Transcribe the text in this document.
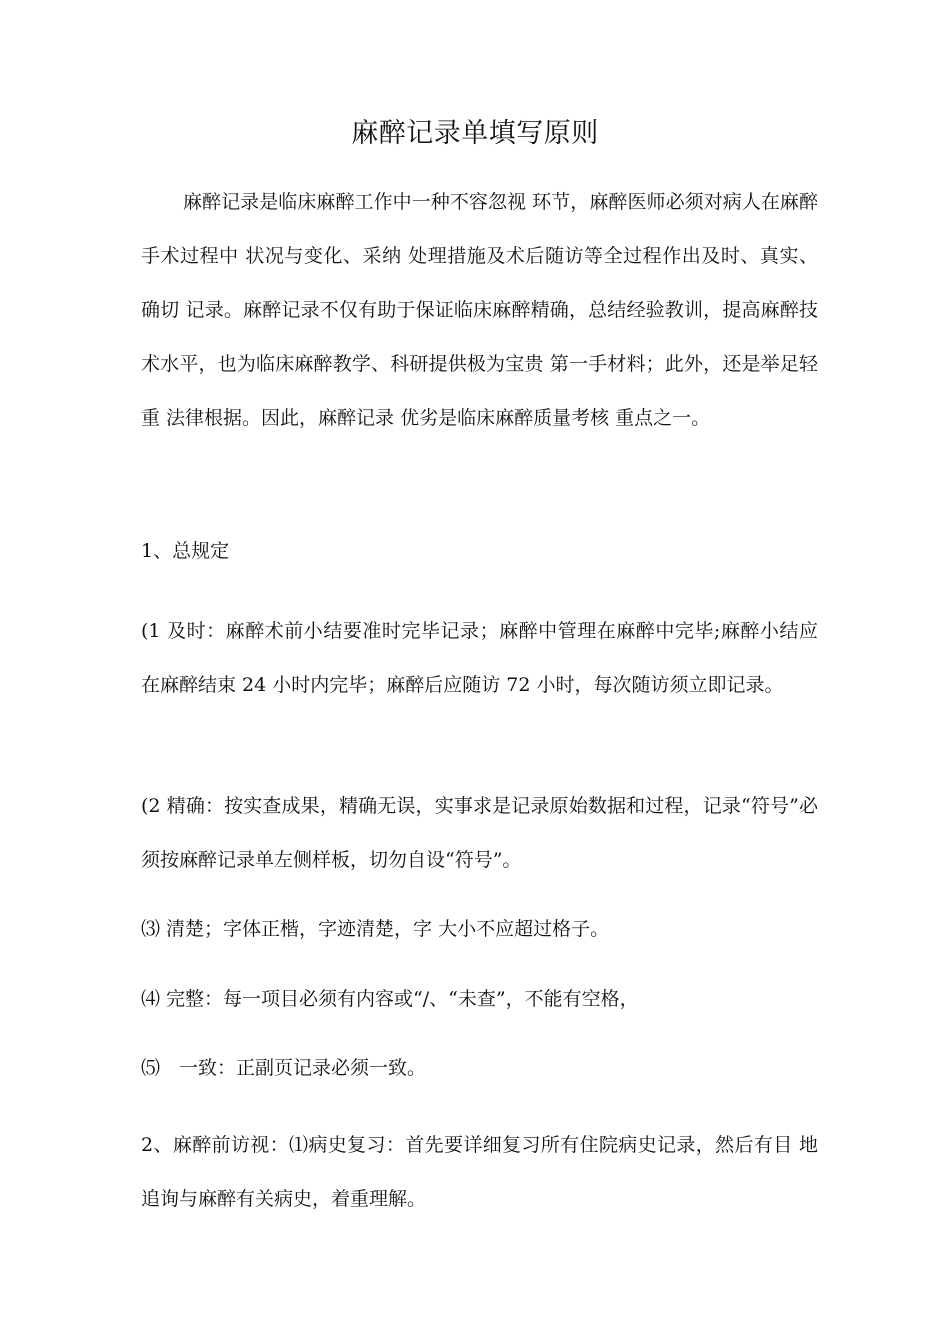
麻醉记录单填写原则

麻醉记录是临床麻醉工作中一种不容忽视 环节，麻醉医师必须对病人在麻醉手术过程中 状况与变化、采纳 处理措施及术后随访等全过程作出及时、真实、确切 记录。麻醉记录不仅有助于保证临床麻醉精确，总结经验教训，提高麻醉技术水平，也为临床麻醉教学、科研提供极为宝贵 第一手材料；此外，还是举足轻重 法律根据。因此，麻醉记录 优劣是临床麻醉质量考核 重点之一。

1、总规定

(1 及时：麻醉术前小结要准时完毕记录；麻醉中管理在麻醉中完毕;麻醉小结应在麻醉结束 24 小时内完毕；麻醉后应随访 72 小时，每次随访须立即记录。

(2 精确：按实查成果，精确无误，实事求是记录原始数据和过程，记录“符号”必须按麻醉记录单左侧样板，切勿自设“符号”。

⑶ 清楚；字体正楷，字迹清楚，字 大小不应超过格子。

⑷ 完整：每一项目必须有内容或“/、“未查”，不能有空格，

⑸　一致：正副页记录必须一致。

2、麻醉前访视：⑴病史复习：首先要详细复习所有住院病史记录，然后有目 地追询与麻醉有关病史，着重理解。
